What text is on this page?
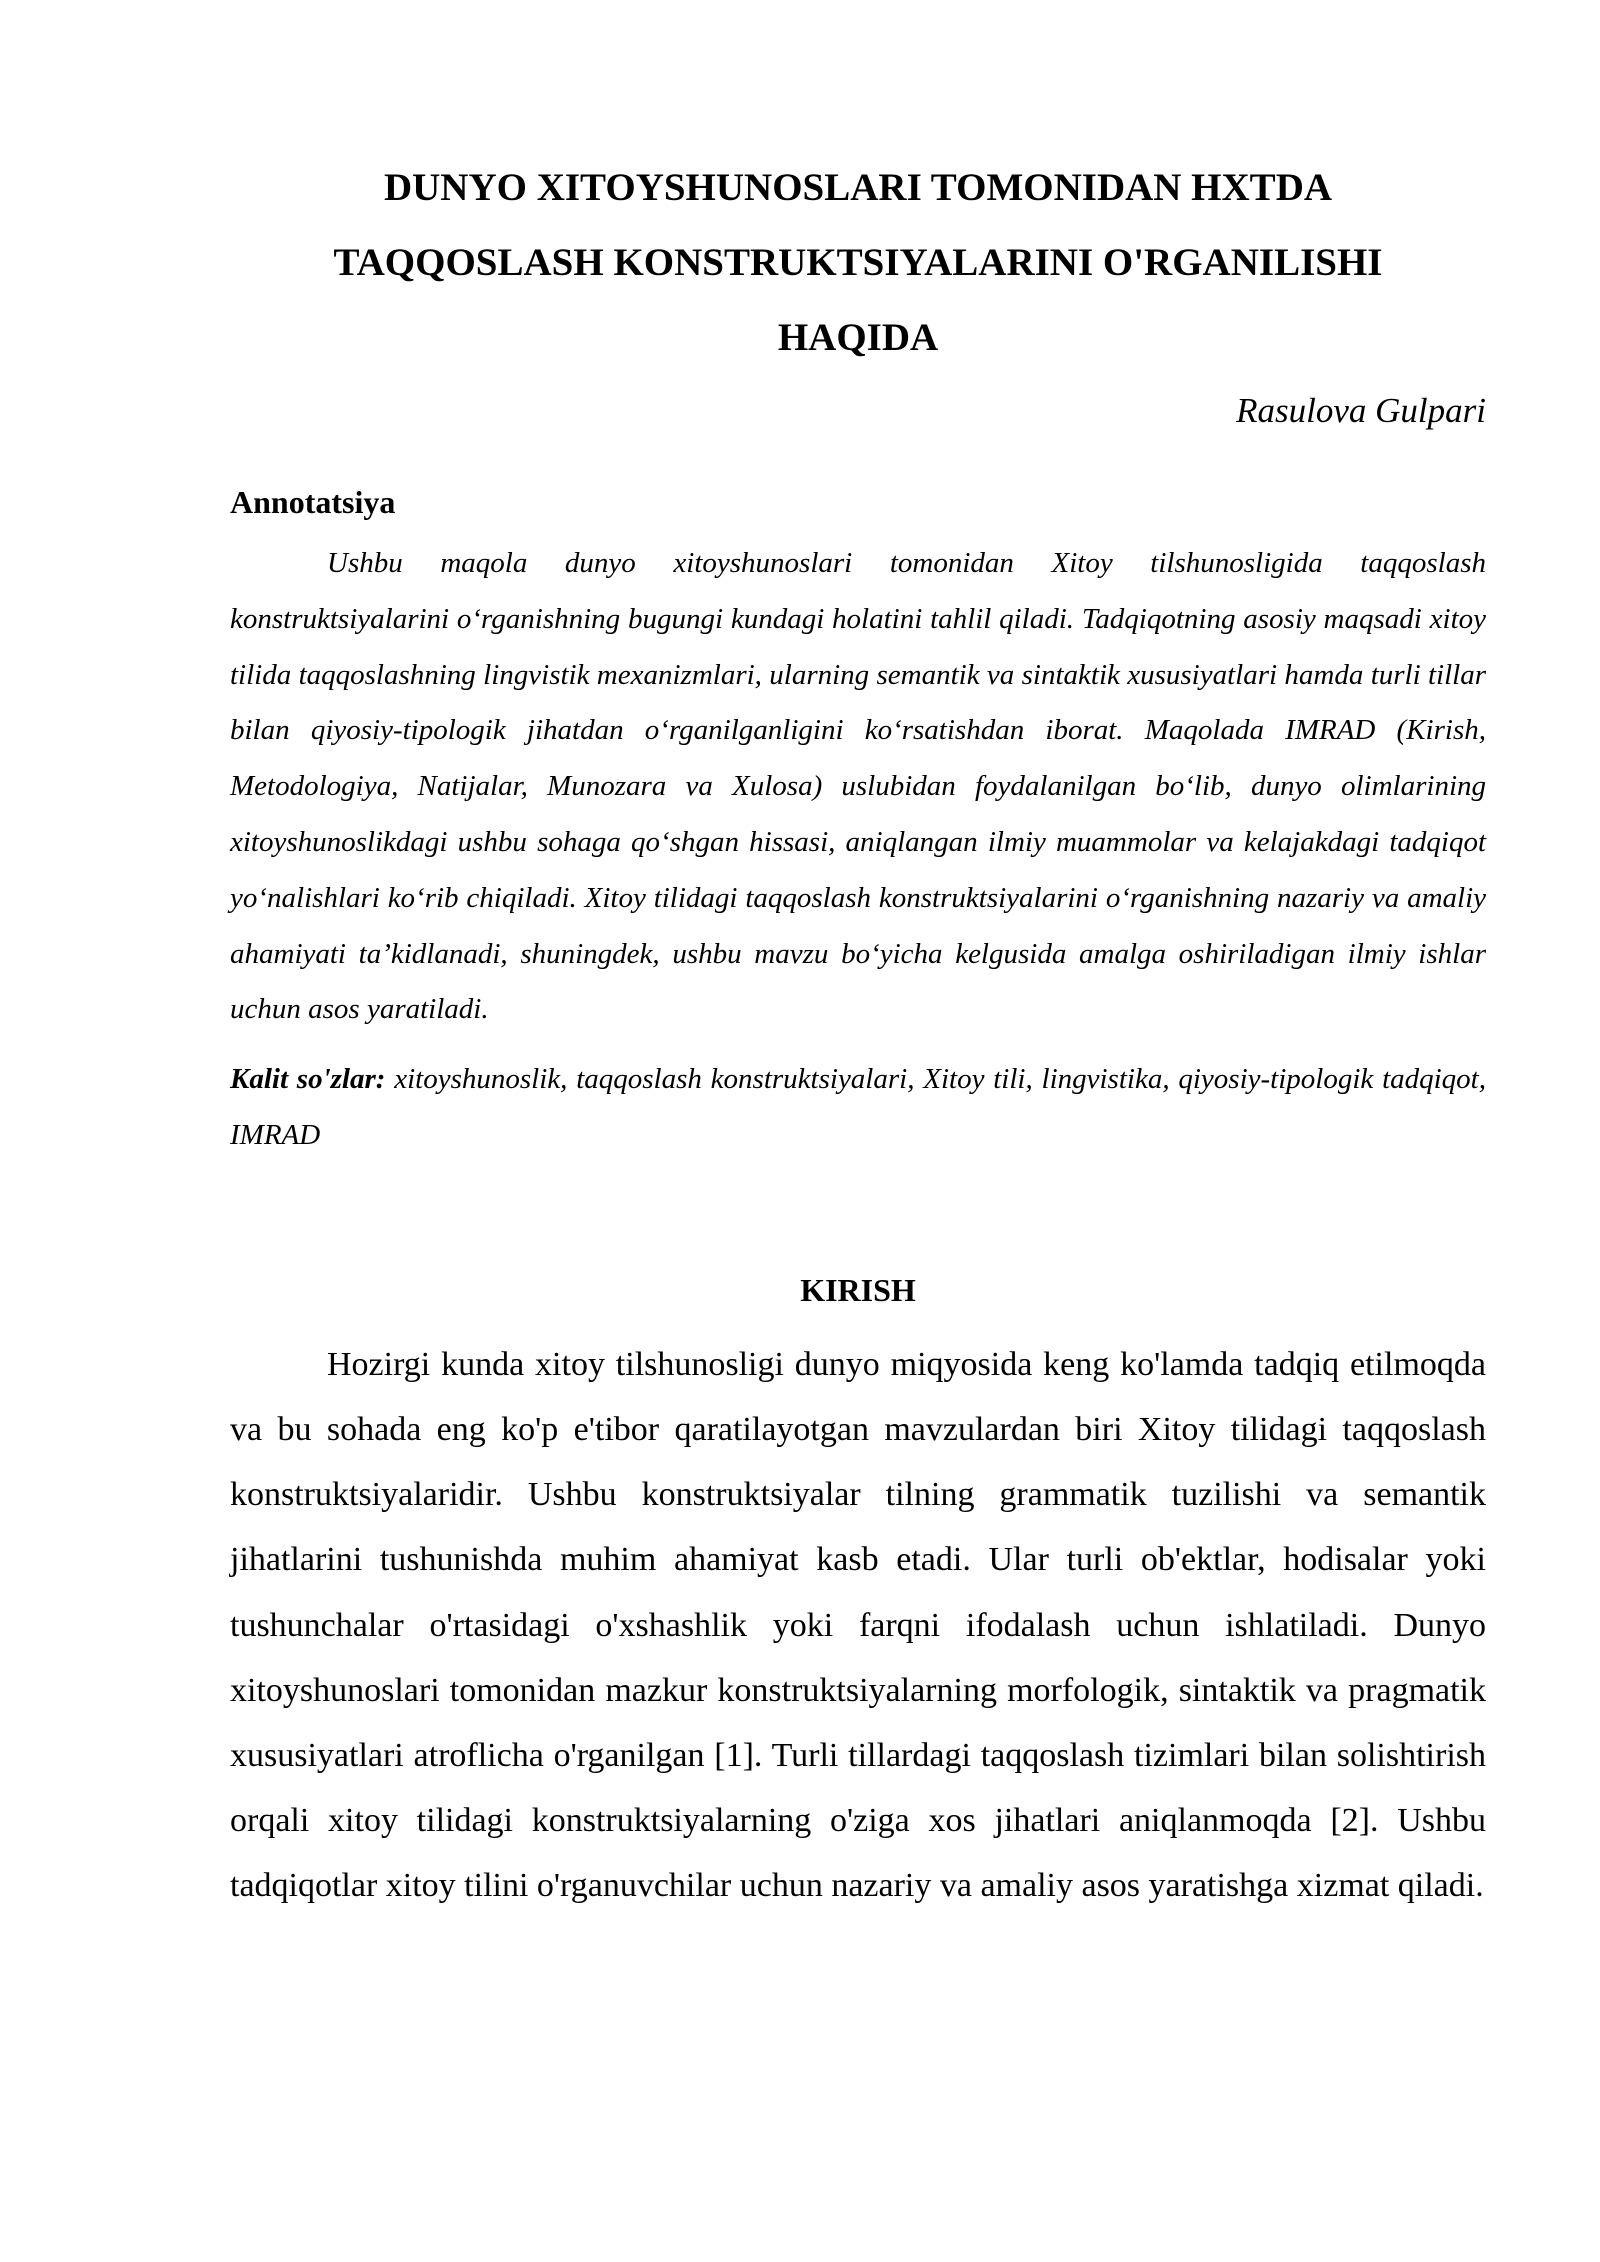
DUNYO XITOYSHUNOSLARI TOMONIDAN HXTDA
TAQQOSLASH KONSTRUKTSIYALARINI O'RGANILISHI
HAQIDA
Rasulova Gulpari
Annotatsiya

Ushbu maqola dunyo xitoyshunoslari tomonidan Xitoy tilshunosligida taqqoslash konstruktsiyalarini o‘rganishning bugungi kundagi holatini tahlil qiladi. Tadqiqotning asosiy maqsadi xitoy tilida taqqoslashning lingvistik mexanizmlari, ularning semantik va sintaktik xususiyatlari hamda turli tillar bilan qiyosiy-tipologik jihatdan o‘rganilganligini ko‘rsatishdan iborat. Maqolada IMRAD (Kirish, Metodologiya, Natijalar, Munozara va Xulosa) uslubidan foydalanilgan bo‘lib, dunyo olimlarining xitoyshunoslikdagi ushbu sohaga qo‘shgan hissasi, aniqlangan ilmiy muammolar va kelajakdagi tadqiqot yo‘nalishlari ko‘rib chiqiladi. Xitoy tilidagi taqqoslash konstruktsiyalarini o‘rganishning nazariy va amaliy ahamiyati ta’kidlanadi, shuningdek, ushbu mavzu bo‘yicha kelgusida amalga oshiriladigan ilmiy ishlar uchun asos yaratiladi.

Kalit so'zlar: xitoyshunoslik, taqqoslash konstruktsiyalari, Xitoy tili, lingvistika, qiyosiy-tipologik tadqiqot, IMRAD

KIRISH

Hozirgi kunda xitoy tilshunosligi dunyo miqyosida keng ko'lamda tadqiq etilmoqda va bu sohada eng ko'p e'tibor qaratilayotgan mavzulardan biri Xitoy tilidagi taqqoslash konstruktsiyalaridir. Ushbu konstruktsiyalar tilning grammatik tuzilishi va semantik jihatlarini tushunishda muhim ahamiyat kasb etadi. Ular turli ob'ektlar, hodisalar yoki tushunchalar o'rtasidagi o'xshashlik yoki farqni ifodalash uchun ishlatiladi. Dunyo xitoyshunoslari tomonidan mazkur konstruktsiyalarning morfologik, sintaktik va pragmatik xususiyatlari atroflicha o'rganilgan [1]. Turli tillardagi taqqoslash tizimlari bilan solishtirish orqali xitoy tilidagi konstruktsiyalarning o'ziga xos jihatlari aniqlanmoqda [2]. Ushbu tadqiqotlar xitoy tilini o'rganuvchilar uchun nazariy va amaliy asos yaratishga xizmat qiladi.
